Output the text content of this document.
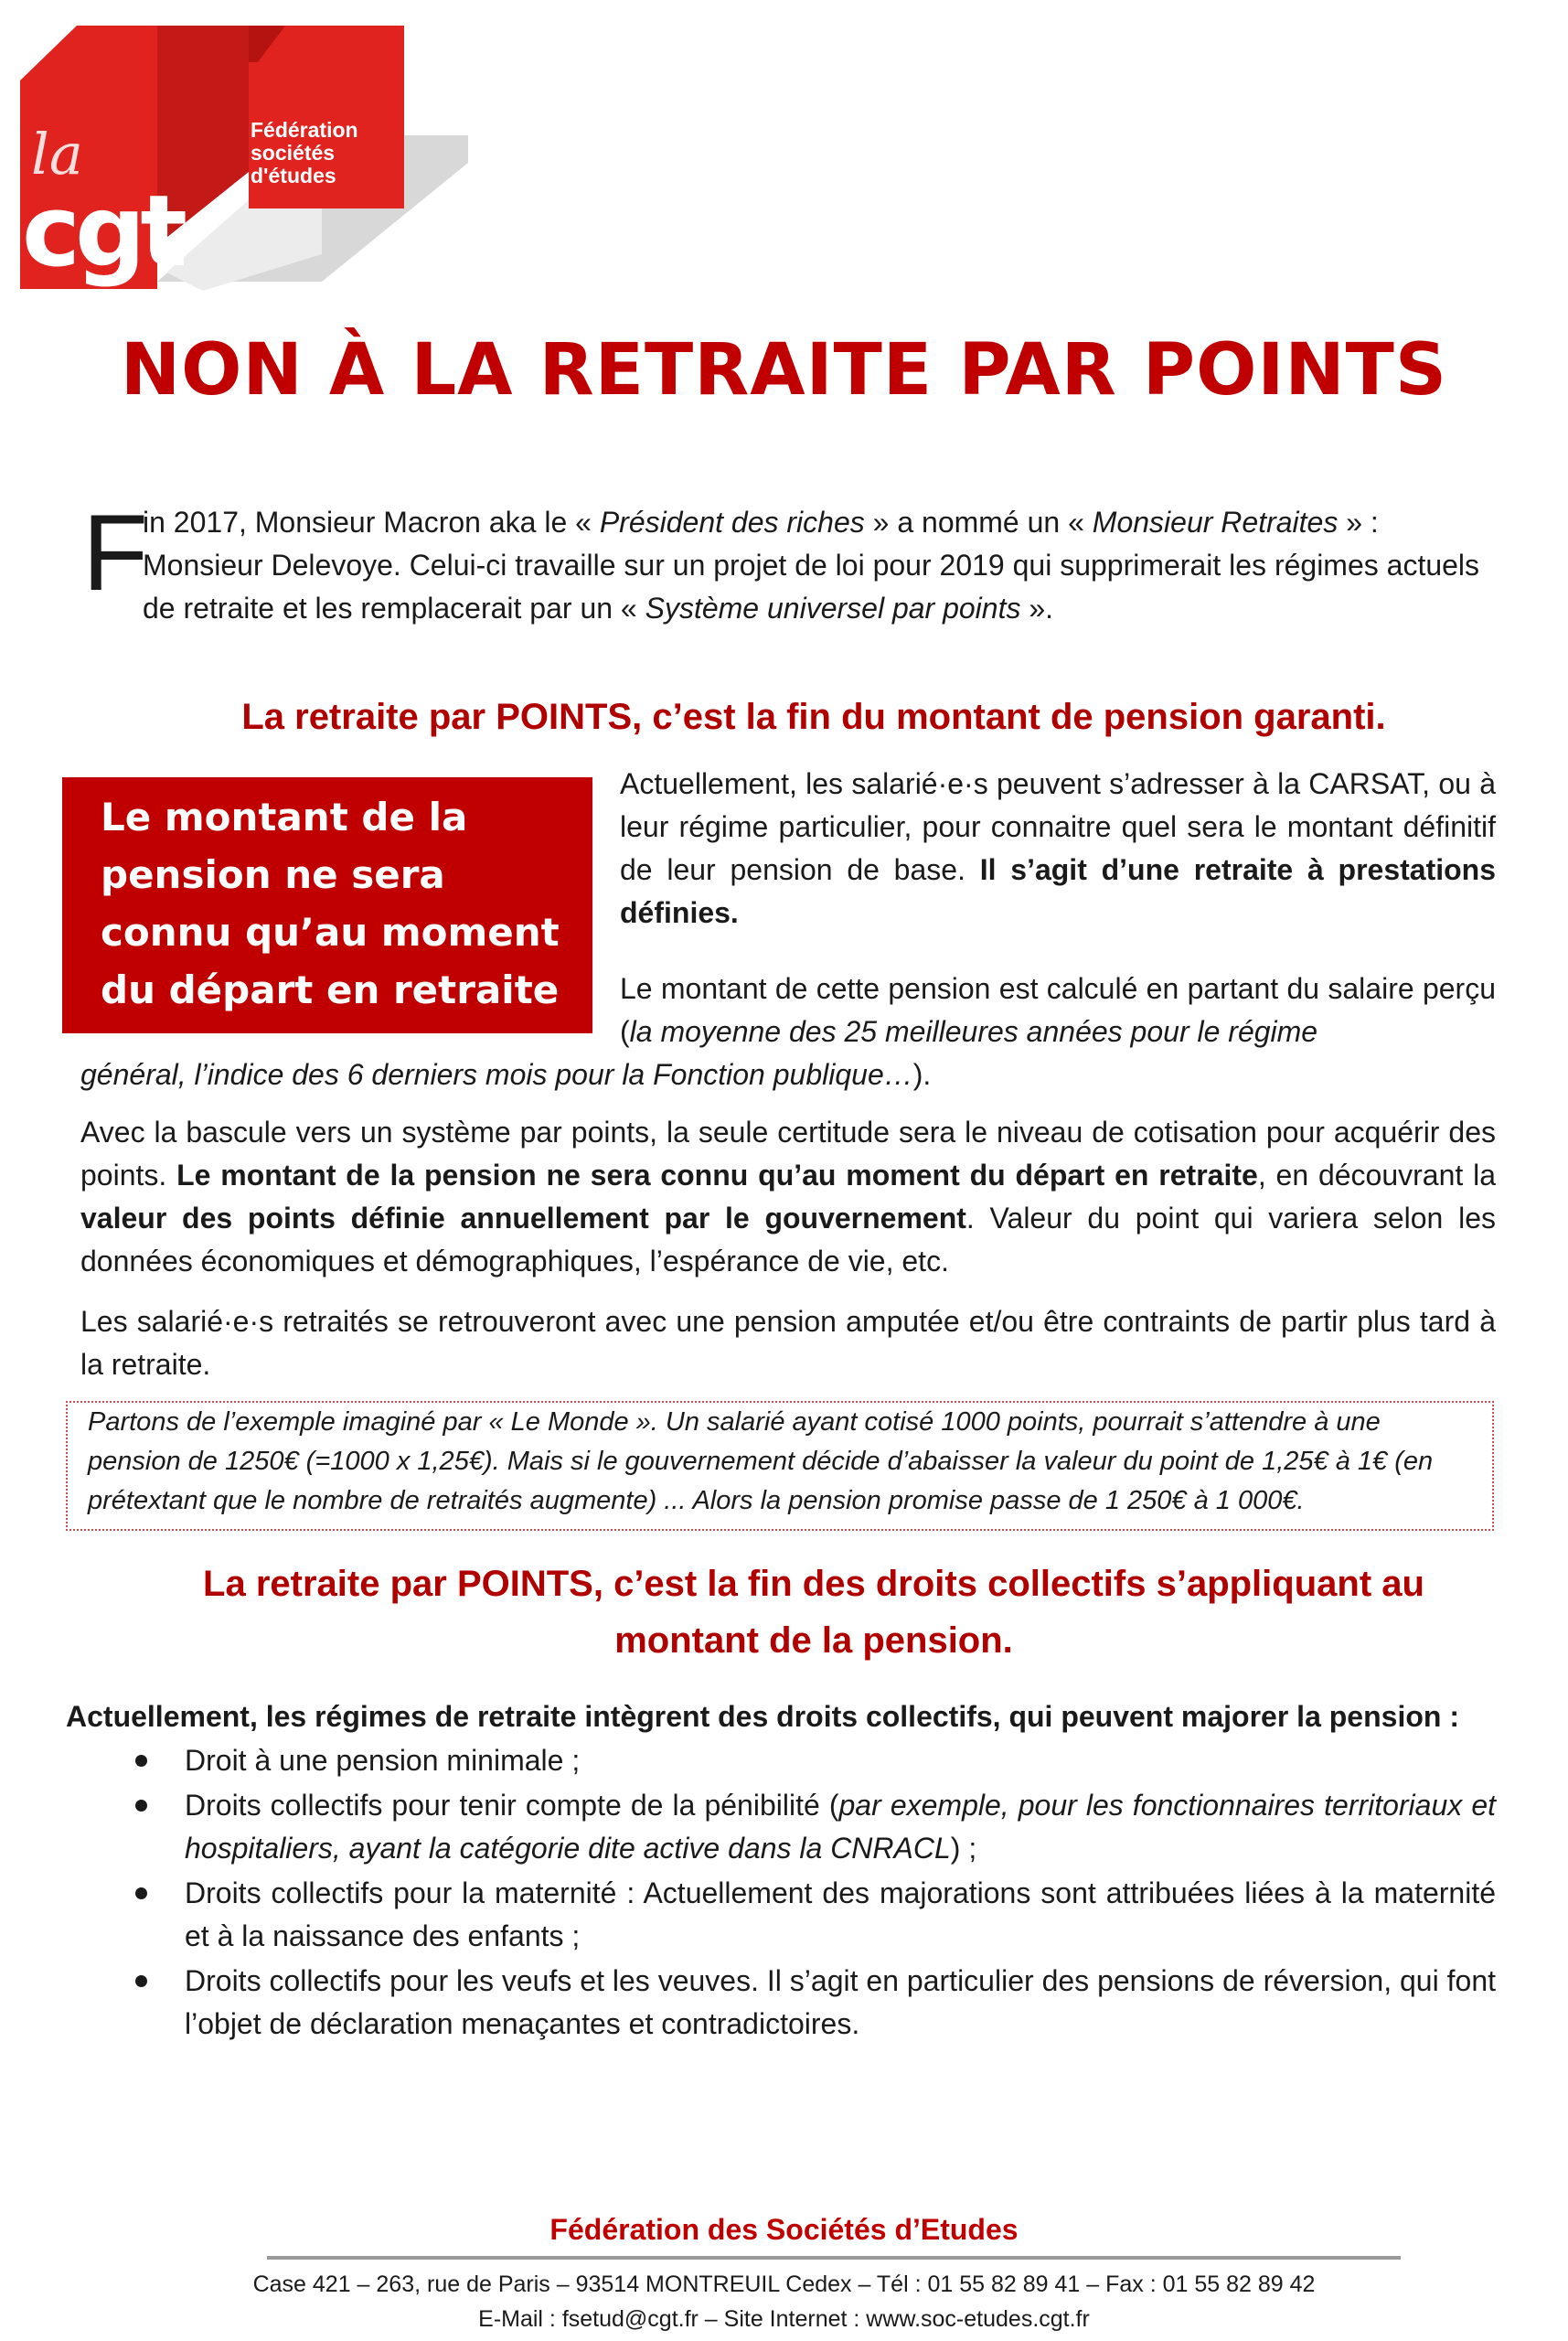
la
cgt
Fédération
sociétés
d'études
NON À LA RETRAITE PAR POINTS
F
in 2017, Monsieur Macron aka le « Président des riches » a nommé un « Monsieur Retraites » : Monsieur Delevoye. Celui-ci travaille sur un projet de loi pour 2019 qui supprimerait les régimes actuels de retraite et les remplacerait par un « Système universel par points ».
La retraite par POINTS, c’est la fin du montant de pension garanti.
Le montant de la pension ne sera connu qu’au moment du départ en retraite
Actuellement, les salarié·e·s peuvent s’adresser à la CARSAT, ou à leur régime particulier, pour connaitre quel sera le montant définitif de leur pension de base. Il s’agit d’une retraite à prestations définies.
Le montant de cette pension est calculé en partant du salaire perçu (la moyenne des 25 meilleures années pour le régime
général, l’indice des 6 derniers mois pour la Fonction publique…).
Avec la bascule vers un système par points, la seule certitude sera le niveau de cotisation pour acquérir des points. Le montant de la pension ne sera connu qu’au moment du départ en retraite, en découvrant la valeur des points définie annuellement par le gouvernement. Valeur du point qui variera selon les données économiques et démographiques, l’espérance de vie, etc.
Les salarié·e·s retraités se retrouveront avec une pension amputée et/ou être contraints de partir plus tard à la retraite.
Partons de l’exemple imaginé par « Le Monde ». Un salarié ayant cotisé 1000 points, pourrait s’attendre à une pension de 1250€ (=1000 x 1,25€). Mais si le gouvernement décide d’abaisser la valeur du point de 1,25€ à 1€ (en prétextant que le nombre de retraités augmente) ... Alors la pension promise passe de 1 250€ à 1 000€.
La retraite par POINTS, c’est la fin des droits collectifs s’appliquant au
montant de la pension.
Actuellement, les régimes de retraite intègrent des droits collectifs, qui peuvent majorer la pension :
Droit à une pension minimale ;
Droits collectifs pour tenir compte de la pénibilité (par exemple, pour les fonctionnaires territoriaux et hospitaliers, ayant la catégorie dite active dans la CNRACL) ;
Droits collectifs pour la maternité : Actuellement des majorations sont attribuées liées à la maternité et à la naissance des enfants ;
Droits collectifs pour les veufs et les veuves. Il s’agit en particulier des pensions de réversion, qui font l’objet de déclaration menaçantes et contradictoires.
Fédération des Sociétés d’Etudes
Case 421 – 263, rue de Paris – 93514 MONTREUIL Cedex – Tél : 01 55 82 89 41 – Fax : 01 55 82 89 42
E-Mail : fsetud@cgt.fr – Site Internet : www.soc-etudes.cgt.fr
